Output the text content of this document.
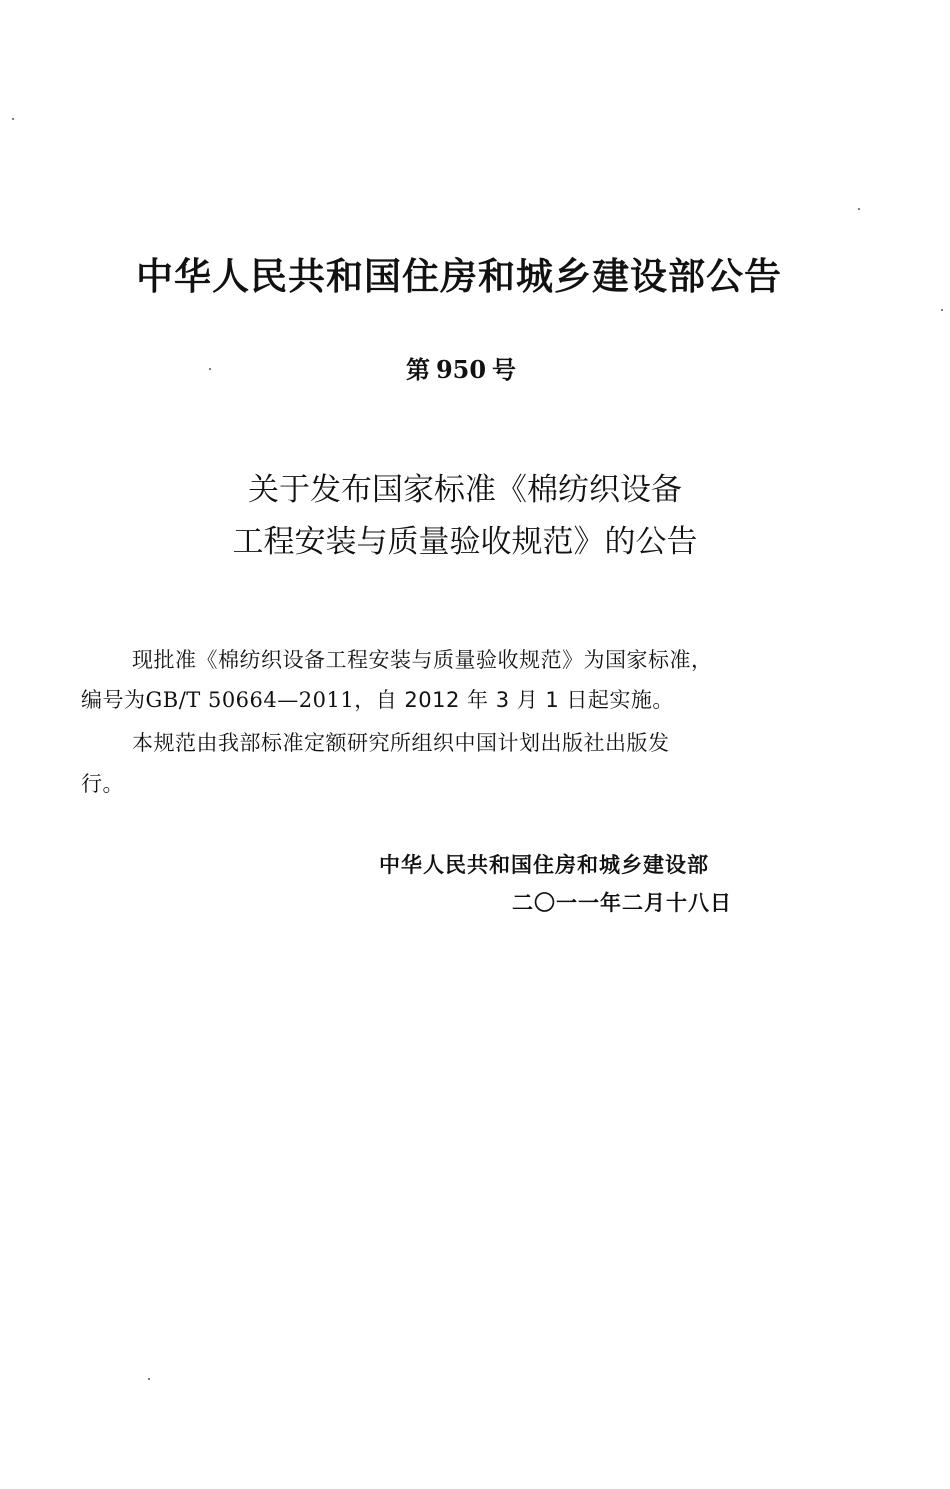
中华人民共和国住房和城乡建设部公告
第 950 号
关于发布国家标准《棉纺织设备
工程安装与质量验收规范》的公告
现批准《棉纺织设备工程安装与质量验收规范》为国家标准，
编号为GB/T 50664—2011，自 2012 年 3 月 1 日起实施。
本规范由我部标准定额研究所组织中国计划出版社出版发
行。
中华人民共和国住房和城乡建设部
二〇一一年二月十八日
